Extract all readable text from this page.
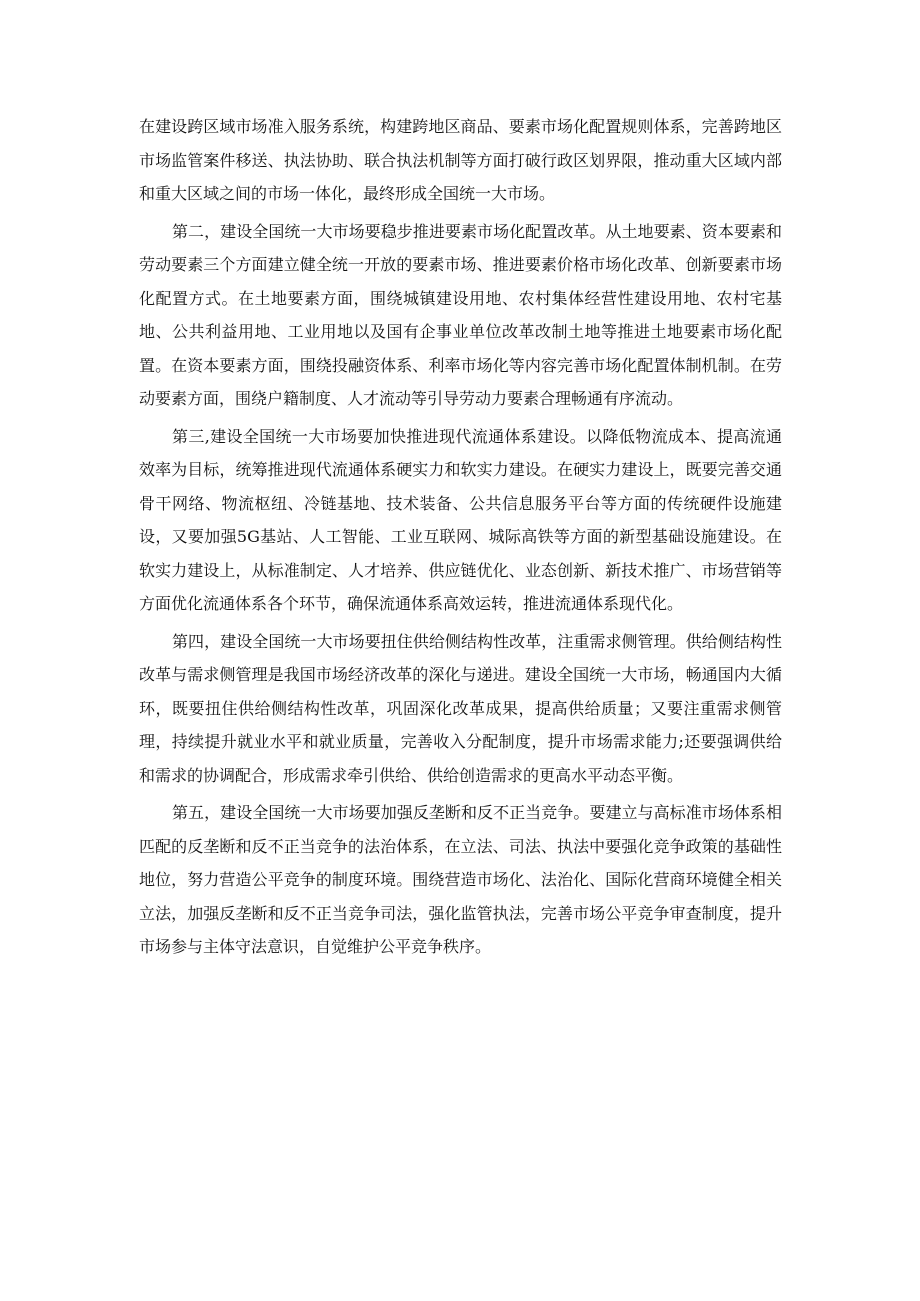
在建设跨区域市场准入服务系统，构建跨地区商品、要素市场化配置规则体系，完善跨地区市场监管案件移送、执法协助、联合执法机制等方面打破行政区划界限，推动重大区域内部和重大区域之间的市场一体化，最终形成全国统一大市场。

第二，建设全国统一大市场要稳步推进要素市场化配置改革。从土地要素、资本要素和劳动要素三个方面建立健全统一开放的要素市场、推进要素价格市场化改革、创新要素市场化配置方式。在土地要素方面，围绕城镇建设用地、农村集体经营性建设用地、农村宅基地、公共利益用地、工业用地以及国有企事业单位改革改制土地等推进土地要素市场化配置。在资本要素方面，围绕投融资体系、利率市场化等内容完善市场化配置体制机制。在劳动要素方面，围绕户籍制度、人才流动等引导劳动力要素合理畅通有序流动。

第三,建设全国统一大市场要加快推进现代流通体系建设。以降低物流成本、提高流通效率为目标，统筹推进现代流通体系硬实力和软实力建设。在硬实力建设上，既要完善交通骨干网络、物流枢纽、冷链基地、技术装备、公共信息服务平台等方面的传统硬件设施建设，又要加强5G基站、人工智能、工业互联网、城际高铁等方面的新型基础设施建设。在软实力建设上，从标准制定、人才培养、供应链优化、业态创新、新技术推广、市场营销等方面优化流通体系各个环节，确保流通体系高效运转，推进流通体系现代化。

第四，建设全国统一大市场要扭住供给侧结构性改革，注重需求侧管理。供给侧结构性改革与需求侧管理是我国市场经济改革的深化与递进。建设全国统一大市场，畅通国内大循环，既要扭住供给侧结构性改革，巩固深化改革成果，提高供给质量；又要注重需求侧管理，持续提升就业水平和就业质量，完善收入分配制度，提升市场需求能力;还要强调供给和需求的协调配合，形成需求牵引供给、供给创造需求的更高水平动态平衡。

第五，建设全国统一大市场要加强反垄断和反不正当竞争。要建立与高标准市场体系相匹配的反垄断和反不正当竞争的法治体系，在立法、司法、执法中要强化竞争政策的基础性地位，努力营造公平竞争的制度环境。围绕营造市场化、法治化、国际化营商环境健全相关立法，加强反垄断和反不正当竞争司法，强化监管执法，完善市场公平竞争审查制度，提升市场参与主体守法意识，自觉维护公平竞争秩序。
